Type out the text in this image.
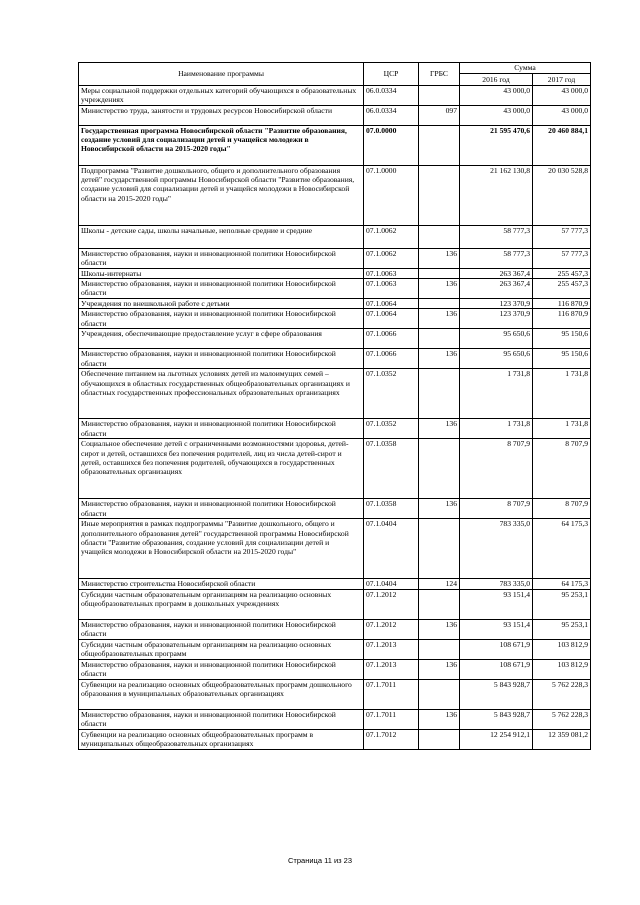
Наименование программы	ЦСР	ГРБС	Сумма	
			2016 год	2017 год
Меры социальной поддержки отдельных категорий обучающихся в образовательных учреждениях	06.0.0334		43 000,0	43 000,0
Министерство труда, занятости и трудовых ресурсов Новосибирской области	06.0.0334	097	43 000,0	43 000,0
Государственная программа Новосибирской области "Развитие образования, создание условий для социализации детей и учащейся молодежи в Новосибирской области на 2015-2020 годы"	07.0.0000		21 595 470,6	20 460 884,1
Подпрограмма "Развитие дошкольного, общего и дополнительного образования детей" государственной программы Новосибирской области "Развитие образования, создание условий для социализации детей и учащейся молодежи в Новосибирской области на 2015-2020 годы"	07.1.0000		21 162 130,8	20 030 528,8
Школы - детские сады, школы начальные, неполные средние и средние	07.1.0062		58 777,3	57 777,3
Министерство образования, науки и инновационной политики Новосибирской области	07.1.0062	136	58 777,3	57 777,3
Школы-интернаты	07.1.0063		263 367,4	255 457,3
Министерство образования, науки и инновационной политики Новосибирской области	07.1.0063	136	263 367,4	255 457,3
Учреждения по внешкольной работе с детьми	07.1.0064		123 370,9	116 870,9
Министерство образования, науки и инновационной политики Новосибирской области	07.1.0064	136	123 370,9	116 870,9
Учреждения, обеспечивающие предоставление услуг в сфере образования	07.1.0066		95 650,6	95 150,6
Министерство образования, науки и инновационной политики Новосибирской области	07.1.0066	136	95 650,6	95 150,6
Обеспечение питанием на льготных условиях детей из малоимущих семей – обучающихся в областных государственных общеобразовательных организациях и областных государственных профессиональных образовательных организациях	07.1.0352		1 731,8	1 731,8
Министерство образования, науки и инновационной политики Новосибирской области	07.1.0352	136	1 731,8	1 731,8
Социальное обеспечение детей с ограниченными возможностями здоровья, детей-сирот и детей, оставшихся без попечения родителей, лиц из числа детей-сирот и детей, оставшихся без попечения родителей, обучающихся в государственных образовательных организациях	07.1.0358		8 707,9	8 707,9
Министерство образования, науки и инновационной политики Новосибирской области	07.1.0358	136	8 707,9	8 707,9
Иные мероприятия в рамках подпрограммы "Развитие дошкольного, общего и дополнительного образования детей" государственной программы Новосибирской области "Развитие образования, создание условий для социализации детей и учащейся молодежи в Новосибирской области на 2015-2020 годы"	07.1.0404		783 335,0	64 175,3
Министерство строительства Новосибирской области	07.1.0404	124	783 335,0	64 175,3
Субсидии частным образовательным организациям на реализацию основных общеобразовательных программ в дошкольных учреждениях	07.1.2012		93 151,4	95 253,1
Министерство образования, науки и инновационной политики Новосибирской области	07.1.2012	136	93 151,4	95 253,1
Субсидии частным образовательным организациям на реализацию основных общеобразовательных программ	07.1.2013		108 671,9	103 812,9
Министерство образования, науки и инновационной политики Новосибирской области	07.1.2013	136	108 671,9	103 812,9
Субвенции на реализацию основных общеобразовательных программ дошкольного образования в муниципальных образовательных организациях	07.1.7011		5 843 928,7	5 762 228,3
Министерство образования, науки и инновационной политики Новосибирской области	07.1.7011	136	5 843 928,7	5 762 228,3
Субвенции на реализацию основных общеобразовательных программ в муниципальных общеобразовательных организациях	07.1.7012		12 254 912,1	12 359 081,2
Страница 11 из 23
